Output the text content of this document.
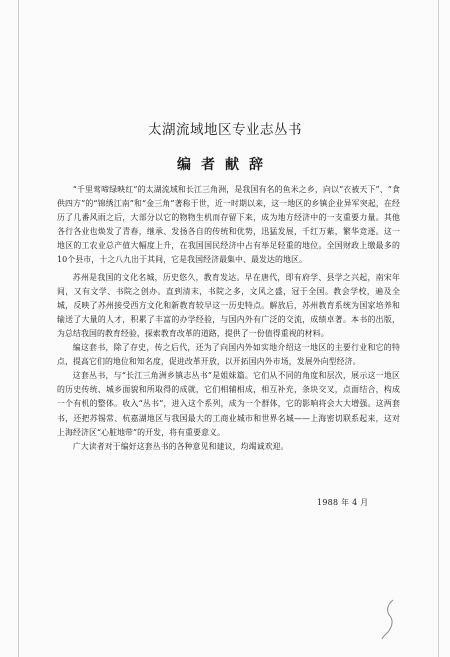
太湖流域地区专业志丛书
编者献辞

“千里莺啼绿映红”的太湖流域和长江三角洲，是我国有名的鱼米之乡，向以“衣被天下”、“食供四方”的“锦绣江南”和“金三角”著称于世，近一时期以来，这一地区的乡镇企业异军突起，在经历了几番风雨之后，大部分以它的物物生机而存留下来，成为地方经济中的一支重要力量。其他各行各业也焕发了青春，继承、发扬各自的传统和优势，迅猛发展，千红万紫，繁华竞逐。这一地区的工农业总产值大幅度上升，在我国国民经济中占有举足轻重的地位。全国财政上缴最多的10个县市，十之八九出于其间，它是我国经济最集中、最发达的地区。

苏州是我国的文化名城，历史悠久，教育发达。早在唐代，即有府学、县学之兴起，南宋年间，又有文学、书院之创办。直到清末，书院之多，文风之盛，冠于全国。教会学校，遍及全城，反映了苏州接受西方文化和新教育较早这一历史特点。解放后，苏州教育系统为国家培养和输送了大量的人才，积累了丰富的办学经验，与国内外有广泛的交流，成绩卓著。本书的出版，为总结我国的教育经验，探索教育改革的道路，提供了一份值得重视的材料。

编这套书，除了存史，传之后代，还为了向国内外如实地介绍这一地区的主要行业和它的特点，提高它们的地位和知名度，促进改革开放，以开拓国内外市场，发展外向型经济。

这套丛书，与“长江三角洲乡镇志丛书”是姐妹篇。它们从不同的角度和层次，展示这一地区的历史传统、城乡面貌和所取得的成就，它们相辅相成，相互补充，条块交叉，点面结合，构成一个有机的整体。收入“丛书”，进入这个系列，成为一个群体，它的影响将会大大增强。这两套书，还把苏锡常、杭嘉湖地区与我国最大的工商业城市和世界名城——上海密切联系起来，这对上海经济区“心脏地带”的开发，将有重要意义。

广大读者对于编好这套丛书的各种意见和建议，均竭诚欢迎。

1988 年 4 月
